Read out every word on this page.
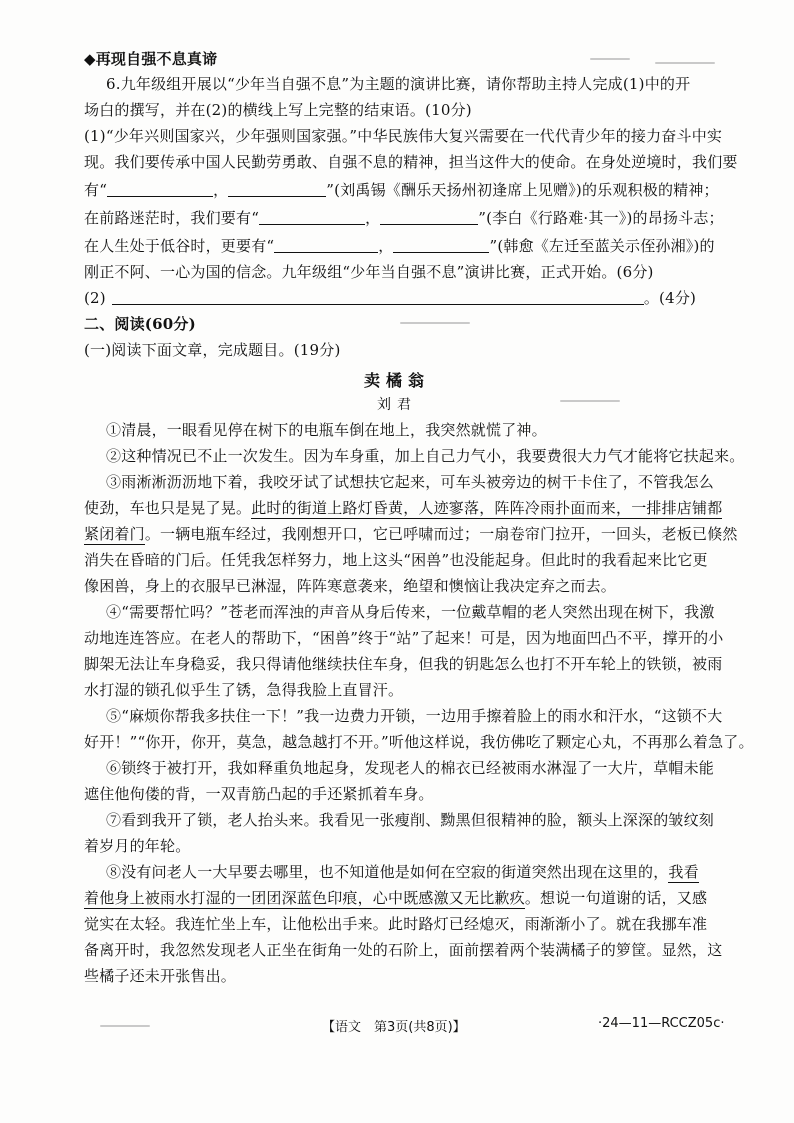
◆再现自强不息真谛
6.九年级组开展以“少年当自强不息”为主题的演讲比赛，请你帮助主持人完成(1)中的开
场白的撰写，并在(2)的横线上写上完整的结束语。(10分)
(1)“少年兴则国家兴，少年强则国家强。”中华民族伟大复兴需要在一代代青少年的接力奋斗中实
现。我们要传承中国人民勤劳勇敢、自强不息的精神，担当这件大的使命。在身处逆境时，我们要
有“	，	”(刘禹锡《酬乐天扬州初逢席上见赠》)的乐观积极的精神；
在前路迷茫时，我们要有“	，	”(李白《行路难·其一》)的昂扬斗志；
在人生处于低谷时，更要有“	，	”(韩愈《左迁至蓝关示侄孙湘》)的
刚正不阿、一心为国的信念。九年级组“少年当自强不息”演讲比赛，正式开始。(6分)
(2)	。(4分)
二、阅读(60分)
(一)阅读下面文章，完成题目。(19分)
卖橘翁
刘君
①清晨，一眼看见停在树下的电瓶车倒在地上，我突然就慌了神。
②这种情况已不止一次发生。因为车身重，加上自己力气小，我要费很大力气才能将它扶起来。
③雨淅淅沥沥地下着，我咬牙试了试想扶它起来，可车头被旁边的树干卡住了，不管我怎么
使劲，车也只是晃了晃。此时的街道上路灯昏黄，人迹寥落，阵阵冷雨扑面而来，一排排店铺都
紧闭着门。一辆电瓶车经过，我刚想开口，它已呼啸而过；一扇卷帘门拉开，一回头，老板已倏然
消失在昏暗的门后。任凭我怎样努力，地上这头“困兽”也没能起身。但此时的我看起来比它更
像困兽，身上的衣服早已淋湿，阵阵寒意袭来，绝望和懊恼让我决定弃之而去。
④“需要帮忙吗？”苍老而浑浊的声音从身后传来，一位戴草帽的老人突然出现在树下，我激
动地连连答应。在老人的帮助下，“困兽”终于“站”了起来！可是，因为地面凹凸不平，撑开的小
脚架无法让车身稳妥，我只得请他继续扶住车身，但我的钥匙怎么也打不开车轮上的铁锁，被雨
水打湿的锁孔似乎生了锈，急得我脸上直冒汗。
⑤“麻烦你帮我多扶住一下！”我一边费力开锁，一边用手擦着脸上的雨水和汗水，“这锁不大
好开！”“你开，你开，莫急，越急越打不开。”听他这样说，我仿佛吃了颗定心丸，不再那么着急了。
⑥锁终于被打开，我如释重负地起身，发现老人的棉衣已经被雨水淋湿了一大片，草帽未能
遮住他佝偻的背，一双青筋凸起的手还紧抓着车身。
⑦看到我开了锁，老人抬头来。我看见一张瘦削、黝黑但很精神的脸，额头上深深的皱纹刻
着岁月的年轮。
⑧没有问老人一大早要去哪里，也不知道他是如何在空寂的街道突然出现在这里的，我看
着他身上被雨水打湿的一团团深蓝色印痕，心中既感激又无比歉疚。想说一句道谢的话，又感
觉实在太轻。我连忙坐上车，让他松出手来。此时路灯已经熄灭，雨渐渐小了。就在我挪车准
备离开时，我忽然发现老人正坐在街角一处的石阶上，面前摆着两个装满橘子的箩筐。显然，这
些橘子还未开张售出。
【语文　第3页(共8页)】	·24—11—RCCZ05c·
